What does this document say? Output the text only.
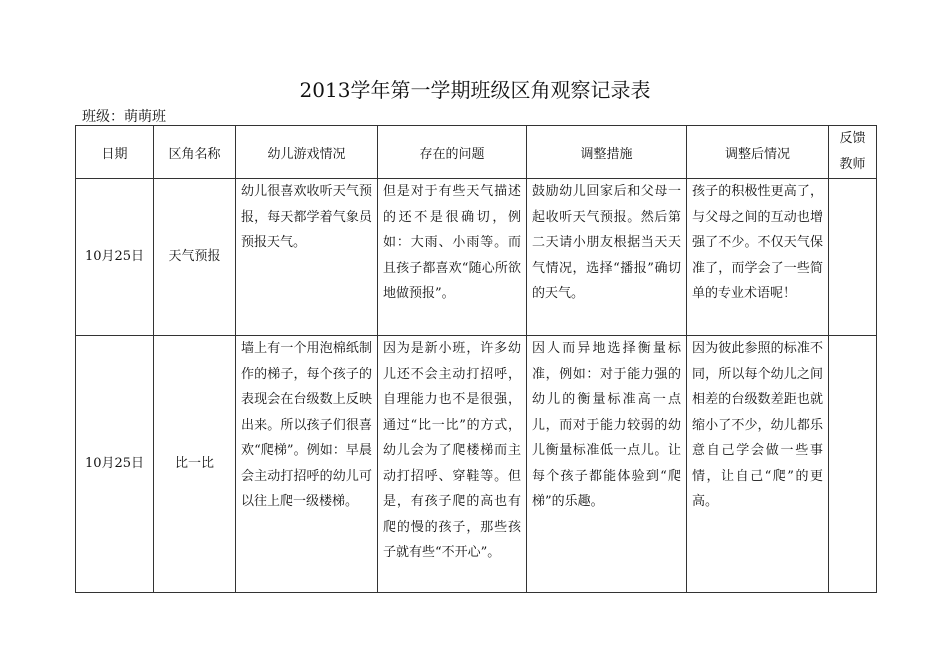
2013学年第一学期班级区角观察记录表
班级：萌萌班
日期	区角名称	幼儿游戏情况	存在的问题	调整措施	调整后情况	反馈教师
10月25日	天气预报	幼儿很喜欢收听天气预报，每天都学着气象员预报天气。	但是对于有些天气描述的还不是很确切，例如：大雨、小雨等。而且孩子都喜欢“随心所欲地做预报”。	鼓励幼儿回家后和父母一起收听天气预报。然后第二天请小朋友根据当天天气情况，选择“播报”确切的天气。	孩子的积极性更高了，与父母之间的互动也增强了不少。不仅天气保准了，而学会了一些简单的专业术语呢！	
10月25日	比一比	墙上有一个用泡棉纸制作的梯子，每个孩子的表现会在台级数上反映出来。所以孩子们很喜欢“爬梯”。例如：早晨会主动打招呼的幼儿可以往上爬一级楼梯。	因为是新小班，许多幼儿还不会主动打招呼，自理能力也不是很强，通过“比一比”的方式，幼儿会为了爬楼梯而主动打招呼、穿鞋等。但是，有孩子爬的高也有爬的慢的孩子，那些孩子就有些“不开心”。	因人而异地选择衡量标准，例如：对于能力强的幼儿的衡量标准高一点儿，而对于能力较弱的幼儿衡量标准低一点儿。让每个孩子都能体验到“爬梯”的乐趣。	因为彼此参照的标准不同，所以每个幼儿之间相差的台级数差距也就缩小了不少，幼儿都乐意自己学会做一些事情，让自己“爬”的更高。	
